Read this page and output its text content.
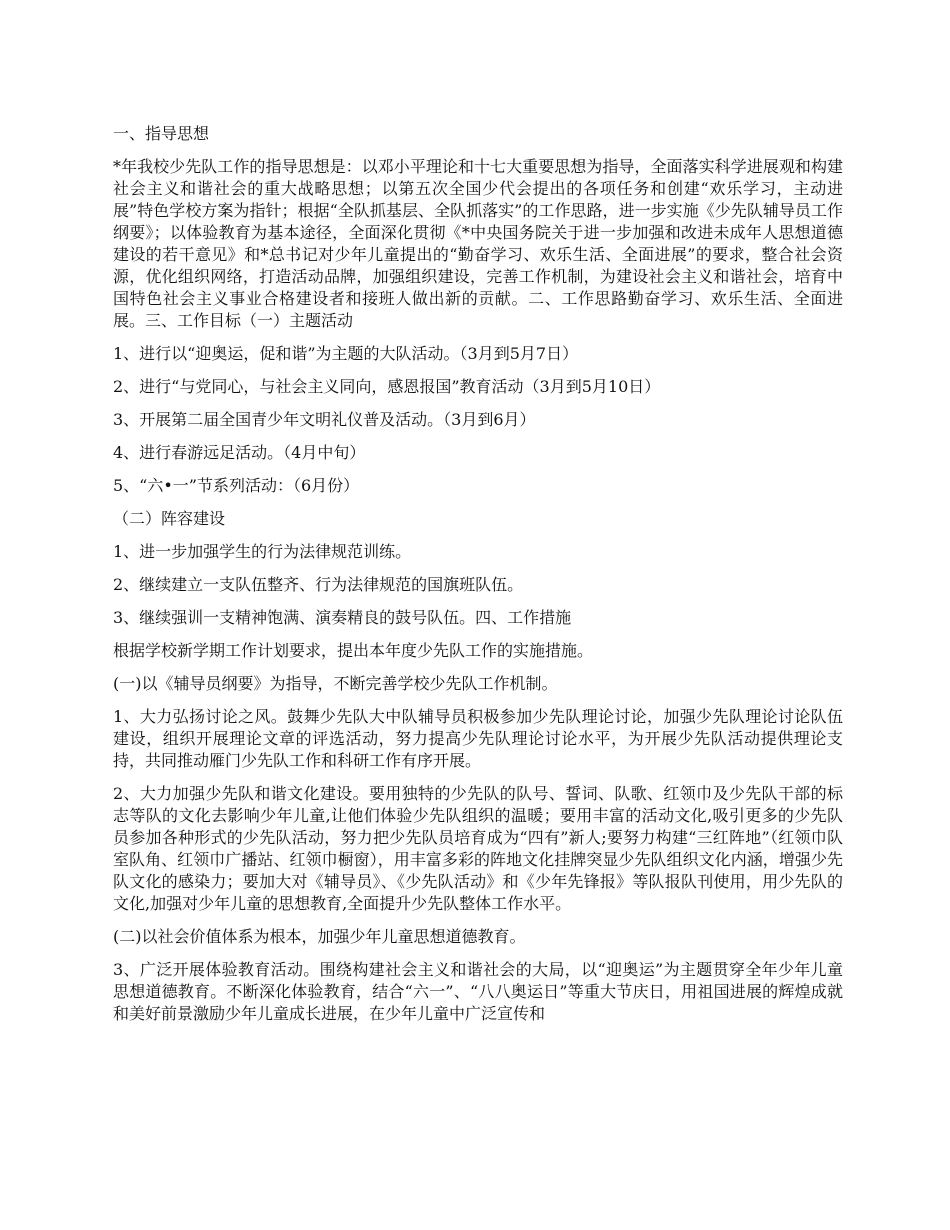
一、指导思想

*年我校少先队工作的指导思想是：以邓小平理论和十七大重要思想为指导，全面落实科学进展观和构建社会主义和谐社会的重大战略思想；以第五次全国少代会提出的各项任务和创建“欢乐学习，主动进展”特色学校方案为指针；根据“全队抓基层、全队抓落实”的工作思路，进一步实施《少先队辅导员工作纲要》；以体验教育为基本途径，全面深化贯彻《*中央国务院关于进一步加强和改进未成年人思想道德建设的若干意见》和*总书记对少年儿童提出的“勤奋学习、欢乐生活、全面进展”的要求，整合社会资源，优化组织网络，打造活动品牌，加强组织建设，完善工作机制，为建设社会主义和谐社会，培育中国特色社会主义事业合格建设者和接班人做出新的贡献。二、工作思路勤奋学习、欢乐生活、全面进展。三、工作目标（一）主题活动

1、进行以“迎奥运，促和谐”为主题的大队活动。（3月到5月7日）

2、进行“与党同心，与社会主义同向，感恩报国”教育活动（3月到5月10日）

3、开展第二届全国青少年文明礼仪普及活动。（3月到6月）

4、进行春游远足活动。（4月中旬）

5、“六•一”节系列活动：（6月份）

（二）阵容建设

1、进一步加强学生的行为法律规范训练。

2、继续建立一支队伍整齐、行为法律规范的国旗班队伍。

3、继续强训一支精神饱满、演奏精良的鼓号队伍。四、工作措施

根据学校新学期工作计划要求，提出本年度少先队工作的实施措施。

(一)以《辅导员纲要》为指导，不断完善学校少先队工作机制。

1、大力弘扬讨论之风。鼓舞少先队大中队辅导员积极参加少先队理论讨论，加强少先队理论讨论队伍建设，组织开展理论文章的评选活动，努力提高少先队理论讨论水平，为开展少先队活动提供理论支持，共同推动雁门少先队工作和科研工作有序开展。

2、大力加强少先队和谐文化建设。要用独特的少先队的队号、誓词、队歌、红领巾及少先队干部的标志等队的文化去影响少年儿童,让他们体验少先队组织的温暖；要用丰富的活动文化,吸引更多的少先队员参加各种形式的少先队活动，努力把少先队员培育成为“四有”新人;要努力构建“三红阵地”（红领巾队室队角、红领巾广播站、红领巾橱窗），用丰富多彩的阵地文化挂牌突显少先队组织文化内涵，增强少先队文化的感染力；要加大对《辅导员》、《少先队活动》和《少年先锋报》等队报队刊使用，用少先队的文化,加强对少年儿童的思想教育,全面提升少先队整体工作水平。

(二)以社会价值体系为根本，加强少年儿童思想道德教育。

3、广泛开展体验教育活动。围绕构建社会主义和谐社会的大局，以“迎奥运”为主题贯穿全年少年儿童思想道德教育。不断深化体验教育，结合“六一”、“八八奥运日”等重大节庆日，用祖国进展的辉煌成就和美好前景激励少年儿童成长进展，在少年儿童中广泛宣传和
